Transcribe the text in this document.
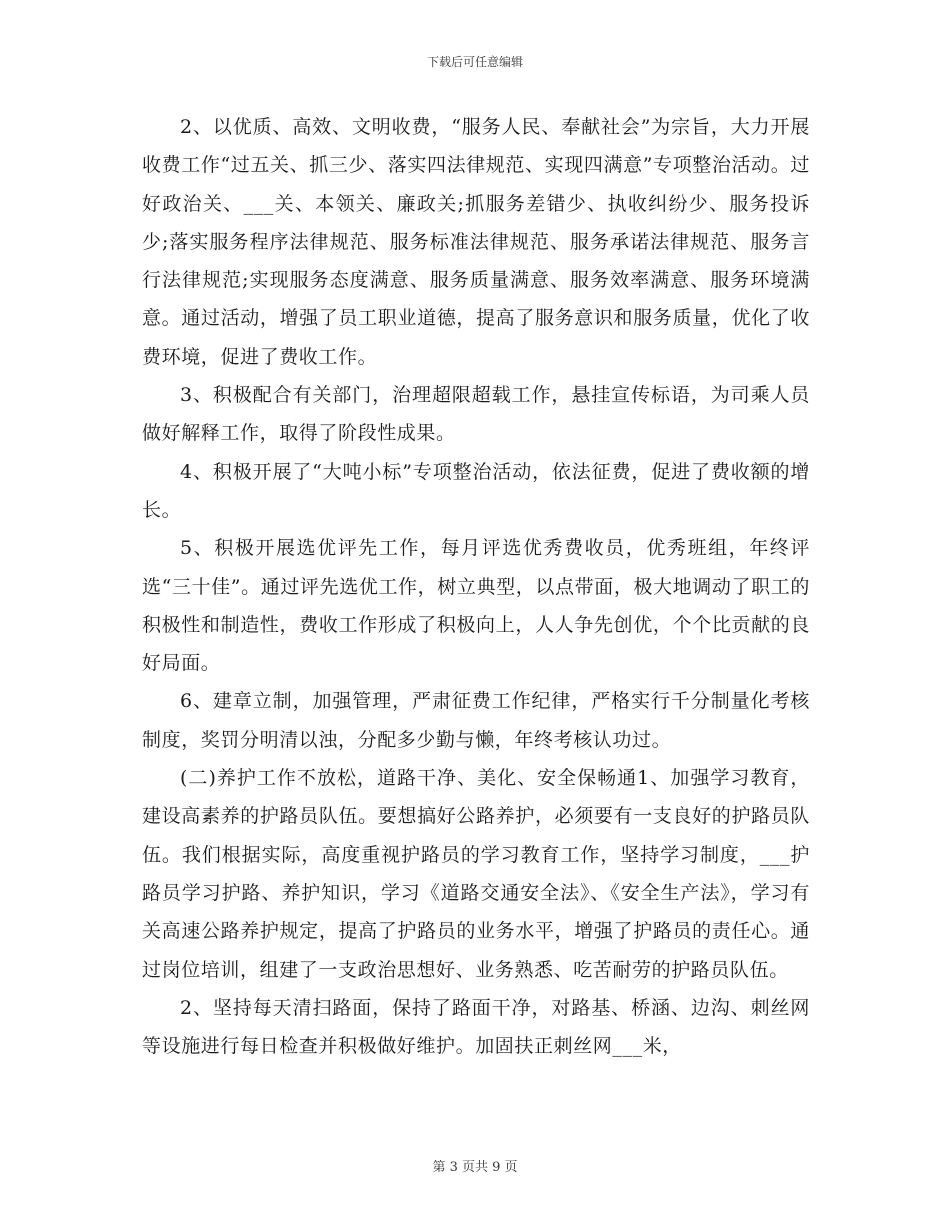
下载后可任意编辑

2、以优质、高效、文明收费，“服务人民、奉献社会”为宗旨，大力开展收费工作“过五关、抓三少、落实四法律规范、实现四满意”专项整治活动。过好政治关、___关、本领关、廉政关;抓服务差错少、执收纠纷少、服务投诉少;落实服务程序法律规范、服务标准法律规范、服务承诺法律规范、服务言行法律规范;实现服务态度满意、服务质量满意、服务效率满意、服务环境满意。通过活动，增强了员工职业道德，提高了服务意识和服务质量，优化了收费环境，促进了费收工作。

3、积极配合有关部门，治理超限超载工作，悬挂宣传标语，为司乘人员做好解释工作，取得了阶段性成果。

4、积极开展了“大吨小标”专项整治活动，依法征费，促进了费收额的增长。

5、积极开展选优评先工作，每月评选优秀费收员，优秀班组，年终评选“三十佳”。通过评先选优工作，树立典型，以点带面，极大地调动了职工的积极性和制造性，费收工作形成了积极向上，人人争先创优，个个比贡献的良好局面。

6、建章立制，加强管理，严肃征费工作纪律，严格实行千分制量化考核制度，奖罚分明清以浊，分配多少勤与懒，年终考核认功过。

(二)养护工作不放松，道路干净、美化、安全保畅通1、加强学习教育，建设高素养的护路员队伍。要想搞好公路养护，必须要有一支良好的护路员队伍。我们根据实际，高度重视护路员的学习教育工作，坚持学习制度，___护路员学习护路、养护知识，学习《道路交通安全法》、《安全生产法》，学习有关高速公路养护规定，提高了护路员的业务水平，增强了护路员的责任心。通过岗位培训，组建了一支政治思想好、业务熟悉、吃苦耐劳的护路员队伍。

2、坚持每天清扫路面，保持了路面干净，对路基、桥涵、边沟、刺丝网等设施进行每日检查并积极做好维护。加固扶正刺丝网___米，

第 3 页共 9 页
